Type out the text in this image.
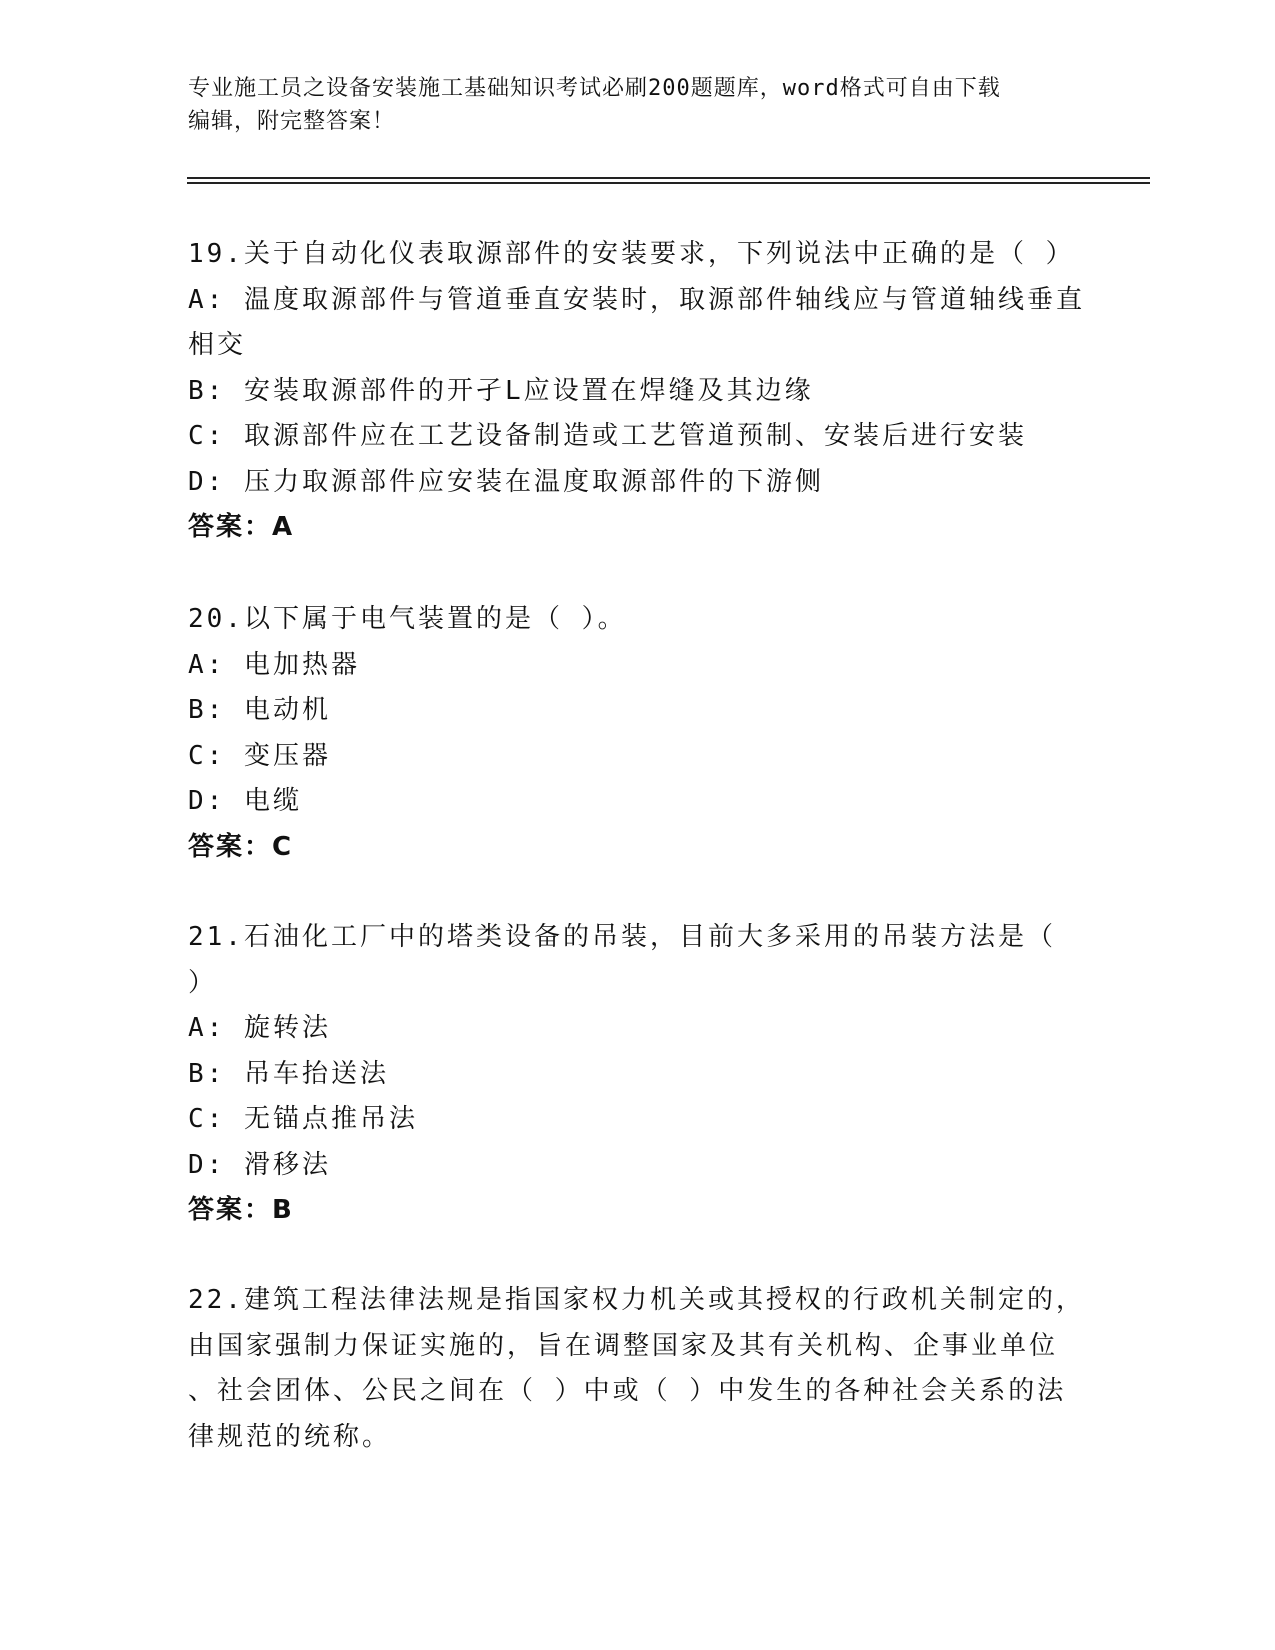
专业施工员之设备安装施工基础知识考试必刷200题题库，word格式可自由下载
编辑，附完整答案！
19.关于自动化仪表取源部件的安装要求，下列说法中正确的是（ ）
A: 温度取源部件与管道垂直安装时，取源部件轴线应与管道轴线垂直
相交
B: 安装取源部件的开孑L应设置在焊缝及其边缘
C: 取源部件应在工艺设备制造或工艺管道预制、安装后进行安装
D: 压力取源部件应安装在温度取源部件的下游侧
答案：A
20.以下属于电气装置的是（ ）。
A: 电加热器
B: 电动机
C: 变压器
D: 电缆
答案：C
21.石油化工厂中的塔类设备的吊装，目前大多采用的吊装方法是（
）
A: 旋转法
B: 吊车抬送法
C: 无锚点推吊法
D: 滑移法
答案：B
22.建筑工程法律法规是指国家权力机关或其授权的行政机关制定的，
由国家强制力保证实施的，旨在调整国家及其有关机构、企事业单位
、社会团体、公民之间在（ ）中或（ ）中发生的各种社会关系的法
律规范的统称。
